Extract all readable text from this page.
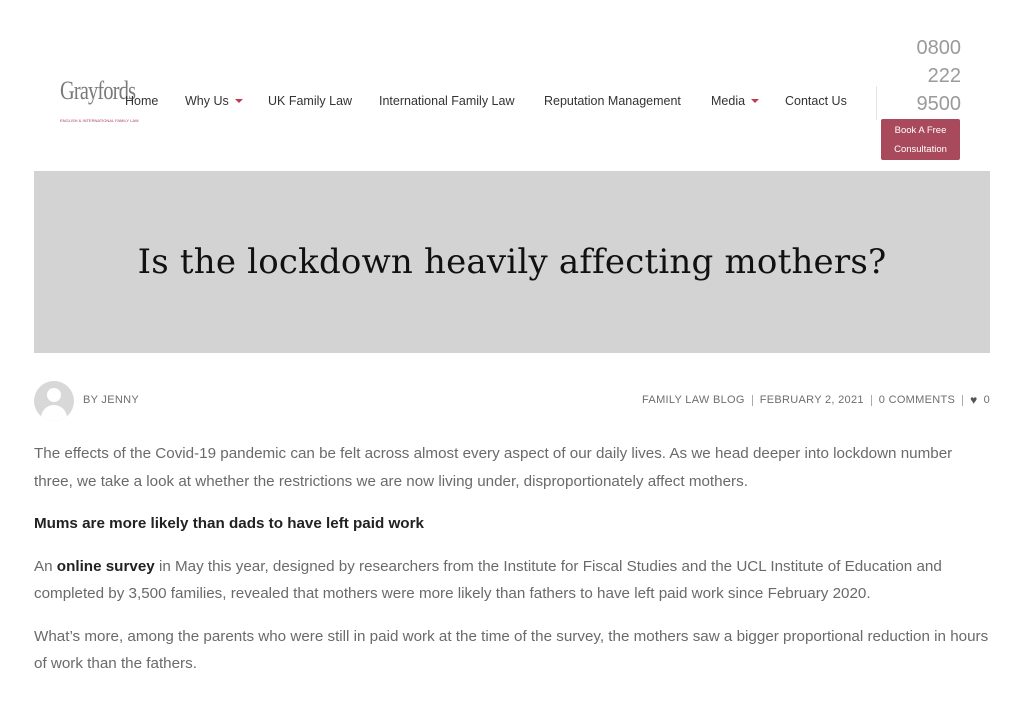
Grayfords
ENGLISH & INTERNATIONAL FAMILY LAW
Home Why Us	UK Family Law International Family Law Reputation Management Media	Contact Us
0800
222
9500
Book A Free
Consultation
Is the lockdown heavily affecting mothers?
BY JENNY	FAMILY LAW BLOG FEBRUARY 2, 2021 0 COMMENTS ♥ 0

The effects of the Covid-19 pandemic can be felt across almost every aspect of our daily lives. As we head deeper into lockdown number three, we take a look at whether the restrictions we are now living under, disproportionately affect mothers.

Mums are more likely than dads to have left paid work

An online survey in May this year, designed by researchers from the Institute for Fiscal Studies and the UCL Institute of Education and completed by 3,500 families, revealed that mothers were more likely than fathers to have left paid work since February 2020.

What’s more, among the parents who were still in paid work at the time of the survey, the mothers saw a bigger proportional reduction in hours of work than the fathers.
